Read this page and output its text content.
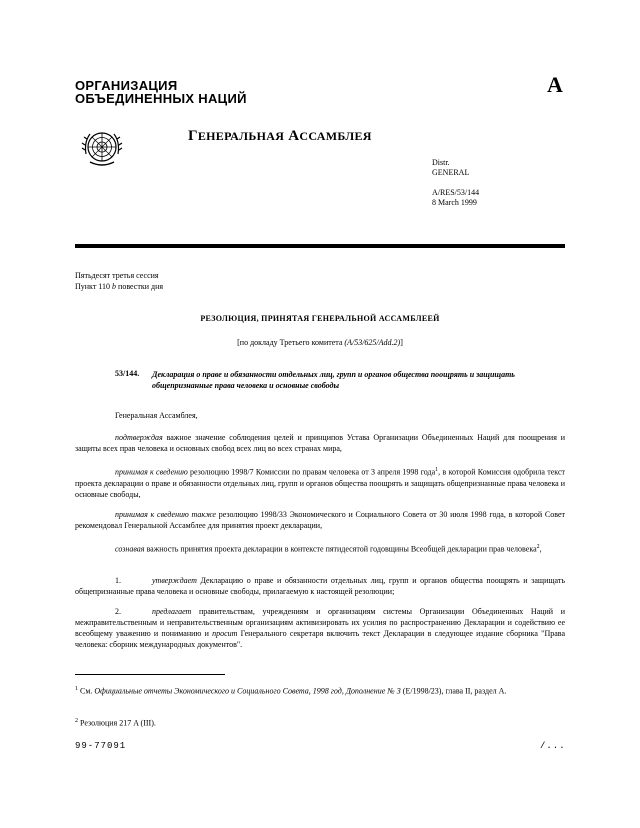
ОРГАНИЗАЦИЯ
ОБЪЕДИНЕННЫХ НАЦИЙ
A
ГЕНЕРАЛЬНАЯ АССАМБЛЕЯ
Distr.
GENERAL
A/RES/53/144
8 March 1999
Пятьдесят третья сессия
Пункт 110 b повестки дня
РЕЗОЛЮЦИЯ, ПРИНЯТАЯ ГЕНЕРАЛЬНОЙ АССАМБЛЕЕЙ
[по докладу Третьего комитета (A/53/625/Add.2)]
53/144. Декларация о праве и обязанности отдельных лиц, групп и органов общества поощрять и защищать общепризнанные права человека и основные свободы
Генеральная Ассамблея,
подтверждая важное значение соблюдения целей и принципов Устава Организации Объединенных Наций для поощрения и защиты всех прав человека и основных свобод всех лиц во всех странах мира,
принимая к сведению резолюцию 1998/7 Комиссии по правам человека от 3 апреля 1998 года$^1$, в которой Комиссия одобрила текст проекта декларации о праве и обязанности отдельных лиц, групп и органов общества поощрять и защищать общепризнанные права человека и основные свободы,
принимая к сведению также резолюцию 1998/33 Экономического и Социального Совета от 30 июля 1998 года, в которой Совет рекомендовал Генеральной Ассамблее для принятия проект декларации,
сознавая важность принятия проекта декларации в контексте пятидесятой годовщины Всеобщей декларации прав человека$^2$,
1.	утверждает Декларацию о праве и обязанности отдельных лиц, групп и органов общества поощрять и защищать общепризнанные права человека и основные свободы, прилагаемую к настоящей резолюции;
2.	предлагает правительствам, учреждениям и организациям системы Организации Объединенных Наций и межправительственным и неправительственным организациям активизировать их усилия по распространению Декларации и содействию ее всеобщему уважению и пониманию и просит Генерального секретаря включить текст Декларации в следующее издание сборника "Права человека: сборник международных документов".
$^1$ См. Официальные отчеты Экономического и Социального Совета, 1998 год, Дополнение № 3 (E/1998/23), глава II, раздел A.
$^2$ Резолюция 217 A (III).
99-77091	/...
